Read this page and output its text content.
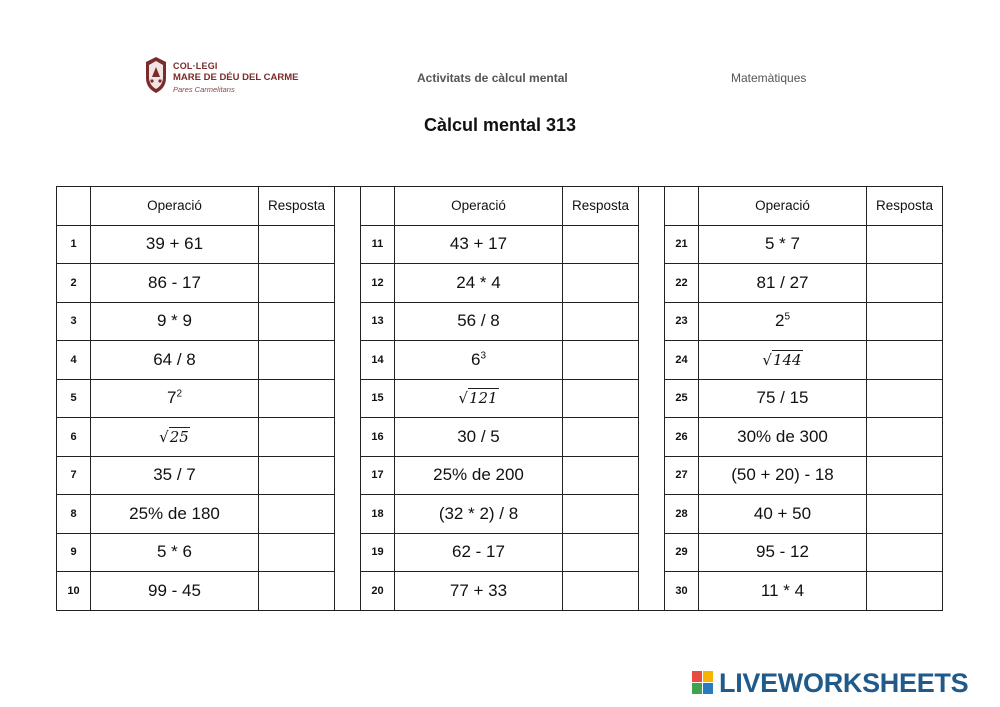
COL·LEGI
MARE DE DÉU DEL CARME
Pares Carmelitans
Activitats de càlcul mental	Matemàtiques
Càlcul mental 313
	Operació	Resposta			Operació	Resposta			Operació	Resposta
1	39 + 61			11	43 + 17			21	5 * 7	
2	86 - 17			12	24 * 4			22	81 / 27	
3	9 * 9			13	56 / 8			23	$2^5$	
4	64 / 8			14	$6^3$			24	√144	
5	$7^2$			15	√121			25	75 / 15	
6	√25			16	30 / 5			26	30% de 300	
7	35 / 7			17	25% de 200			27	(50 + 20) - 18	
8	25% de 180			18	(32 * 2) / 8			28	40 + 50	
9	5 * 6			19	62 - 17			29	95 - 12	
10	99 - 45			20	77 + 33			30	11 * 4	
LIVEWORKSHEETS
